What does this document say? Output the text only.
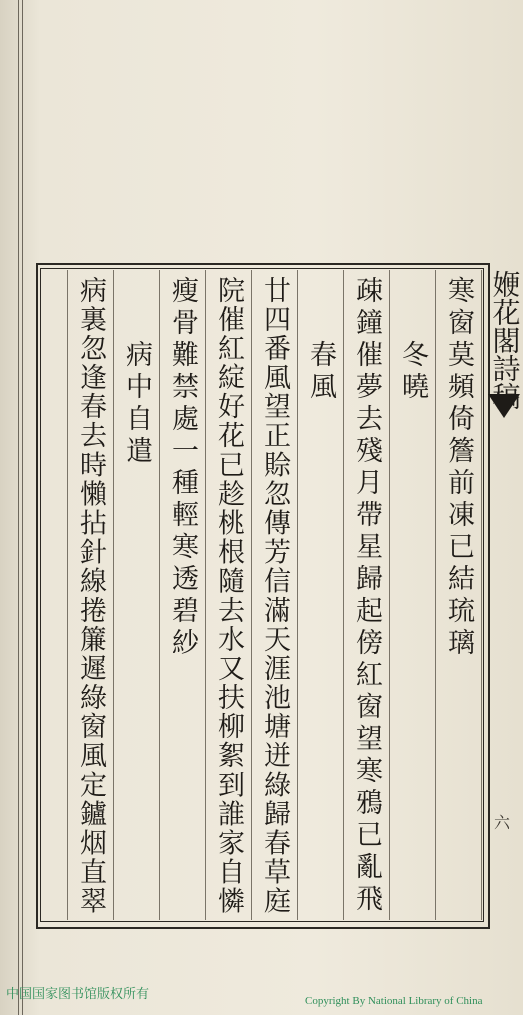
㛹花閣詩稿
六
寒窗莫頻倚簷前凍已結琉璃
冬曉
疎鐘催夢去殘月帶星歸起傍紅窗望寒鴉已亂飛
春風
廿四番風望正賒忽傳芳信滿天涯池塘迸綠歸春草庭
院催紅綻好花已趁桃根隨去水又扶柳絮到誰家自憐
瘦骨難禁處一種輕寒透碧紗
病中自遣
病裏忽逢春去時懶拈針線捲簾遲綠窗風定鑪烟直翠
中国国家图书馆版权所有	Copyright By National Library of China
